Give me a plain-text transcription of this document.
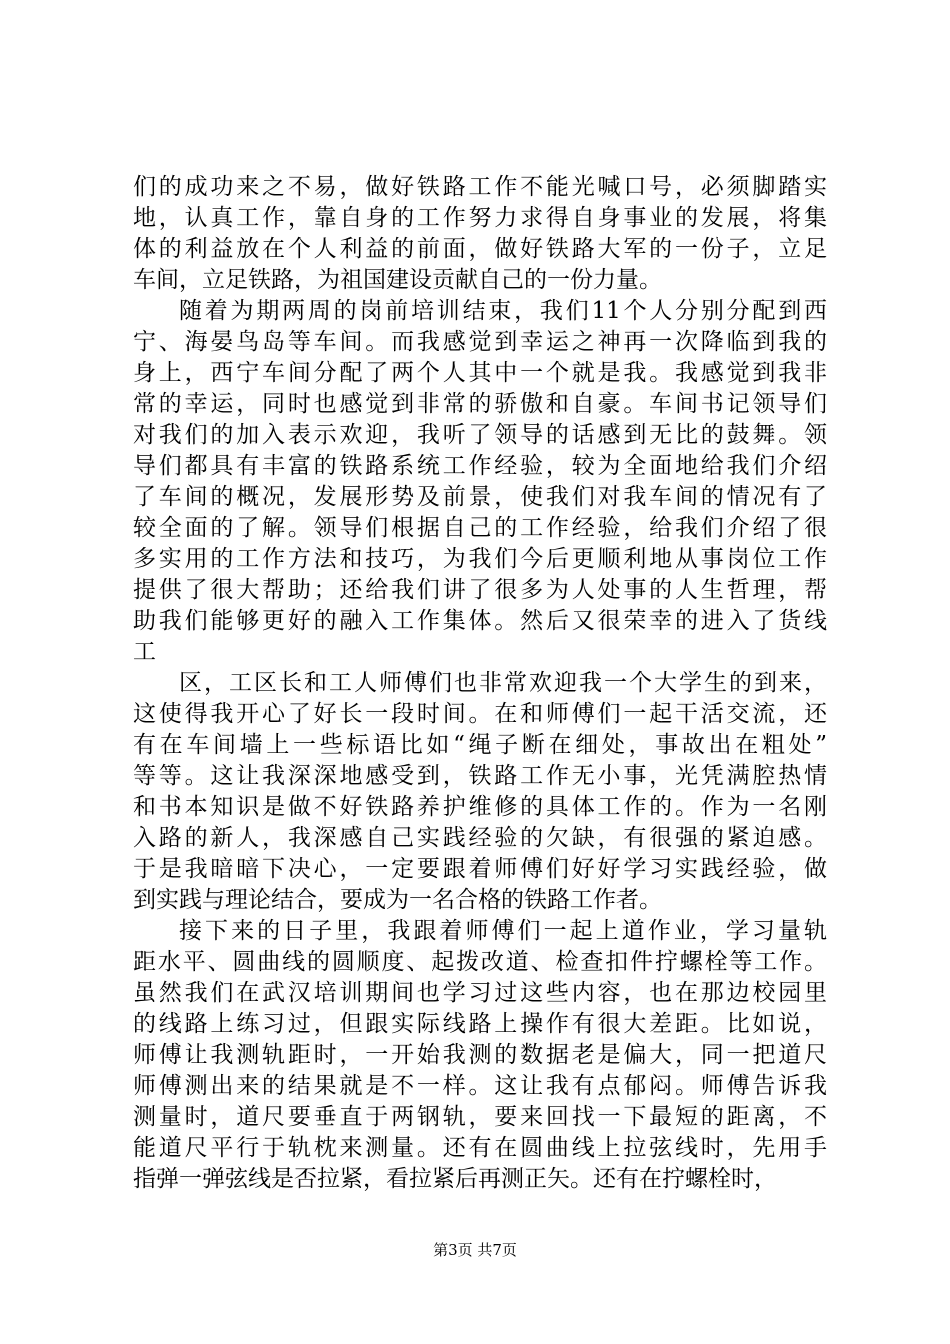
们的成功来之不易，做好铁路工作不能光喊口号，必须脚踏实
地，认真工作，靠自身的工作努力求得自身事业的发展，将集
体的利益放在个人利益的前面，做好铁路大军的一份子，立足
车间，立足铁路，为祖国建设贡献自己的一份力量。
随着为期两周的岗前培训结束，我们11个人分别分配到西
宁、海晏鸟岛等车间。而我感觉到幸运之神再一次降临到我的
身上，西宁车间分配了两个人其中一个就是我。我感觉到我非
常的幸运，同时也感觉到非常的骄傲和自豪。车间书记领导们
对我们的加入表示欢迎，我听了领导的话感到无比的鼓舞。领
导们都具有丰富的铁路系统工作经验，较为全面地给我们介绍
了车间的概况，发展形势及前景，使我们对我车间的情况有了
较全面的了解。领导们根据自己的工作经验，给我们介绍了很
多实用的工作方法和技巧，为我们今后更顺利地从事岗位工作
提供了很大帮助；还给我们讲了很多为人处事的人生哲理，帮
助我们能够更好的融入工作集体。然后又很荣幸的进入了货线
工
区，工区长和工人师傅们也非常欢迎我一个大学生的到来，
这使得我开心了好长一段时间。在和师傅们一起干活交流，还
有在车间墙上一些标语比如“绳子断在细处，事故出在粗处”
等等。这让我深深地感受到，铁路工作无小事，光凭满腔热情
和书本知识是做不好铁路养护维修的具体工作的。作为一名刚
入路的新人，我深感自己实践经验的欠缺，有很强的紧迫感。
于是我暗暗下决心，一定要跟着师傅们好好学习实践经验，做
到实践与理论结合，要成为一名合格的铁路工作者。
接下来的日子里，我跟着师傅们一起上道作业，学习量轨
距水平、圆曲线的圆顺度、起拨改道、检查扣件拧螺栓等工作。
虽然我们在武汉培训期间也学习过这些内容，也在那边校园里
的线路上练习过，但跟实际线路上操作有很大差距。比如说，
师傅让我测轨距时，一开始我测的数据老是偏大，同一把道尺
师傅测出来的结果就是不一样。这让我有点郁闷。师傅告诉我
测量时，道尺要垂直于两钢轨，要来回找一下最短的距离，不
能道尺平行于轨枕来测量。还有在圆曲线上拉弦线时，先用手
指弹一弹弦线是否拉紧，看拉紧后再测正矢。还有在拧螺栓时，
第3页 共7页
